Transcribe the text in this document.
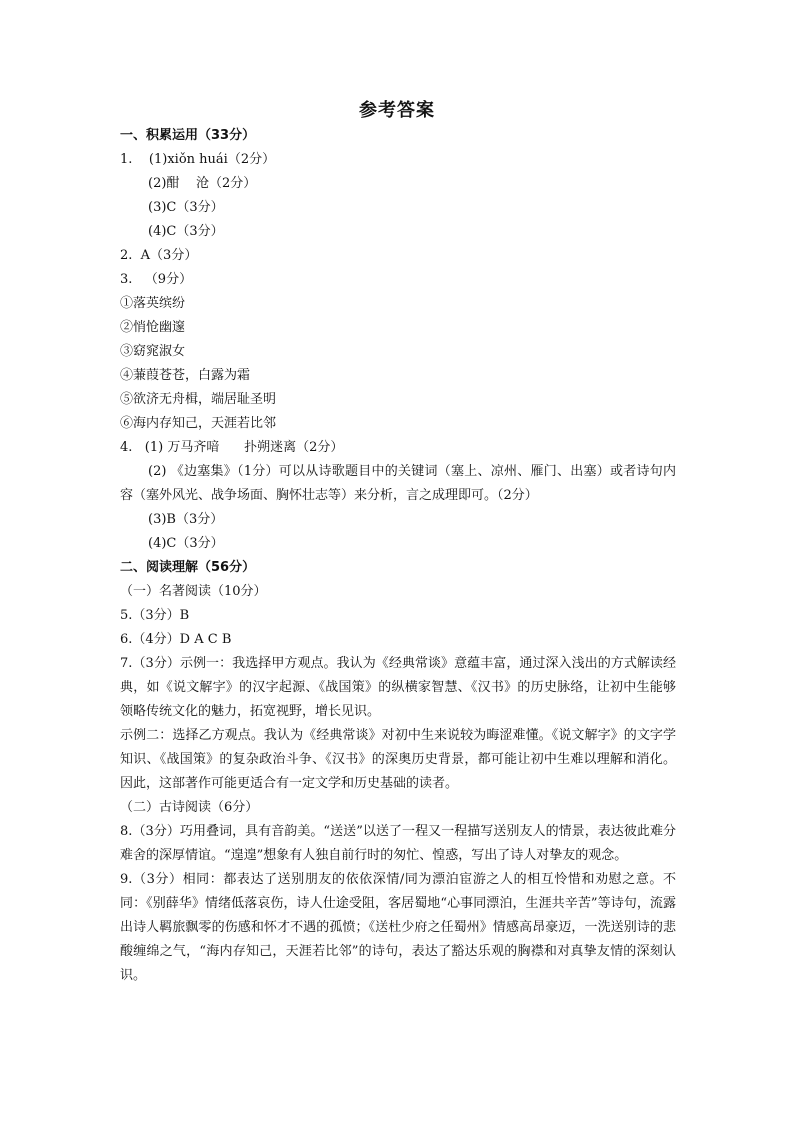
参考答案

一、积累运用（33分）

1.    (1)xiǒn huái（2分）

(2)酣    沧（2分）

(3)C（3分）

(4)C（3分）

2.  A（3分）

3.   （9分）

①落英缤纷

②悄怆幽邃

③窈窕淑女

④蒹葭苍苍，白露为霜

⑤欲济无舟楫，端居耻圣明

⑥海内存知己，天涯若比邻

4.   (1) 万马齐喑      扑朔迷离（2分）

(2) 《边塞集》（1分）可以从诗歌题目中的关键词（塞上、凉州、雁门、出塞）或者诗句内容（塞外风光、战争场面、胸怀壮志等）来分析，言之成理即可。（2分）

(3)B（3分）

(4)C（3分）

二、阅读理解（56分）

（一）名著阅读（10分）

5.（3分）B

6.（4分）D A C B

7.（3分）示例一：我选择甲方观点。我认为《经典常谈》意蕴丰富，通过深入浅出的方式解读经典，如《说文解字》的汉字起源、《战国策》的纵横家智慧、《汉书》的历史脉络，让初中生能够领略传统文化的魅力，拓宽视野，增长见识。

示例二：选择乙方观点。我认为《经典常谈》对初中生来说较为晦涩难懂。《说文解字》的文字学知识、《战国策》的复杂政治斗争、《汉书》的深奥历史背景，都可能让初中生难以理解和消化。因此，这部著作可能更适合有一定文学和历史基础的读者。

（二）古诗阅读（6分）

8.（3分）巧用叠词，具有音韵美。“送送”以送了一程又一程描写送别友人的情景，表达彼此难分难舍的深厚情谊。“遑遑”想象有人独自前行时的匆忙、惶惑，写出了诗人对挚友的观念。

9.（3分）相同：都表达了送别朋友的依依深情/同为漂泊宦游之人的相互怜惜和劝慰之意。不同：《别薛华》情绪低落哀伤，诗人仕途受阻，客居蜀地“心事同漂泊，生涯共辛苦”等诗句，流露出诗人羁旅飘零的伤感和怀才不遇的孤愤；《送杜少府之任蜀州》情感高昂豪迈，一洗送别诗的悲酸缠绵之气，“海内存知己，天涯若比邻”的诗句，表达了豁达乐观的胸襟和对真挚友情的深刻认识。
